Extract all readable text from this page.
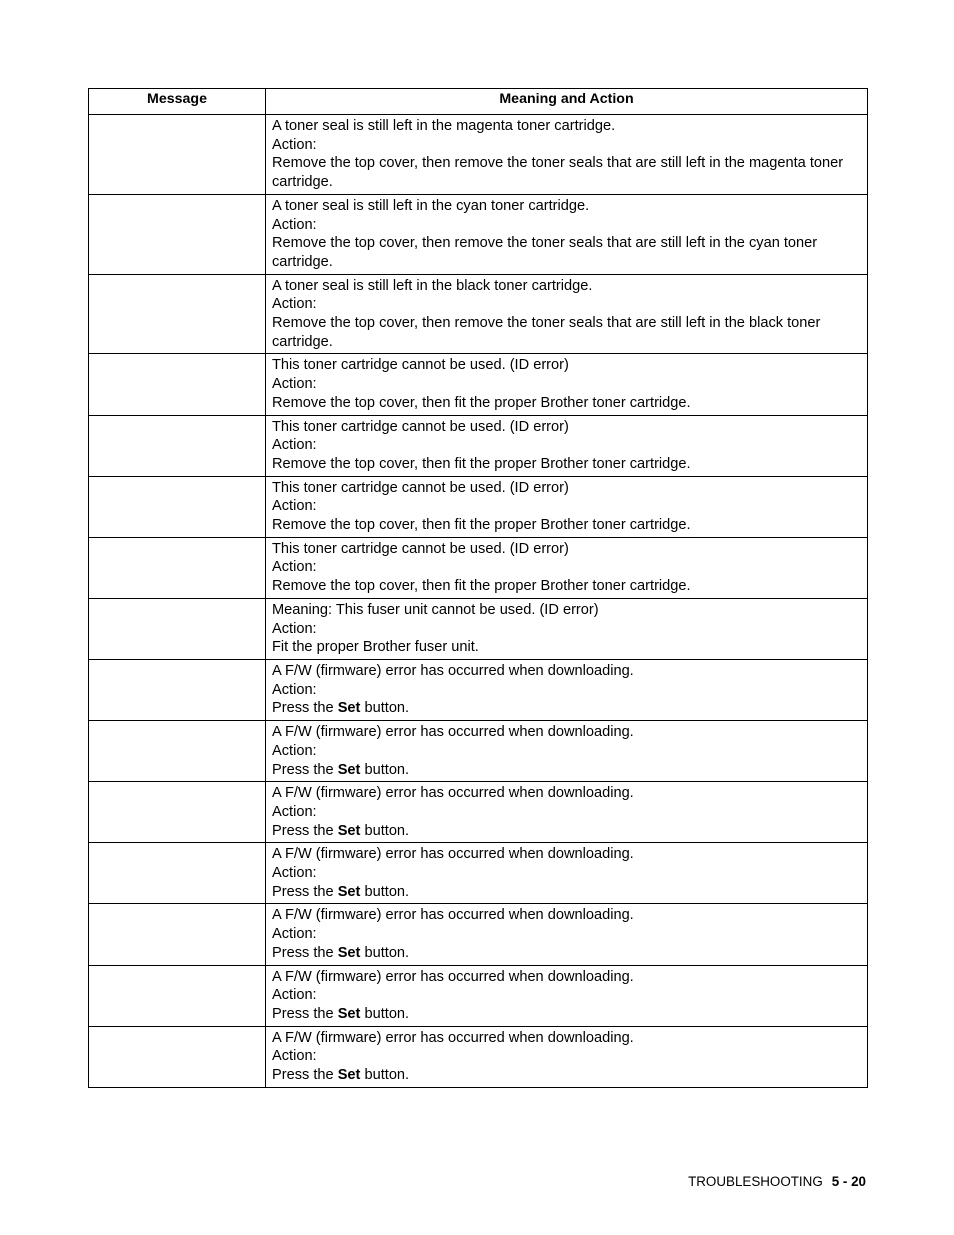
Message	Meaning and Action

	A toner seal is still left in the magenta toner cartridge.
Action:
Remove the top cover, then remove the toner seals that are still left in the magenta toner cartridge.

	A toner seal is still left in the cyan toner cartridge.
Action:
Remove the top cover, then remove the toner seals that are still left in the cyan toner cartridge.

	A toner seal is still left in the black toner cartridge.
Action:
Remove the top cover, then remove the toner seals that are still left in the black toner cartridge.

	This toner cartridge cannot be used. (ID error)
Action:
Remove the top cover, then fit the proper Brother toner cartridge.

	This toner cartridge cannot be used. (ID error)
Action:
Remove the top cover, then fit the proper Brother toner cartridge.

	This toner cartridge cannot be used. (ID error)
Action:
Remove the top cover, then fit the proper Brother toner cartridge.

	This toner cartridge cannot be used. (ID error)
Action:
Remove the top cover, then fit the proper Brother toner cartridge.

	Meaning: This fuser unit cannot be used. (ID error)
Action:
Fit the proper Brother fuser unit.

	A F/W (firmware) error has occurred when downloading.
Action:
Press the Set button.

	A F/W (firmware) error has occurred when downloading.
Action:
Press the Set button.

	A F/W (firmware) error has occurred when downloading.
Action:
Press the Set button.

	A F/W (firmware) error has occurred when downloading.
Action:
Press the Set button.

	A F/W (firmware) error has occurred when downloading.
Action:
Press the Set button.

	A F/W (firmware) error has occurred when downloading.
Action:
Press the Set button.

	A F/W (firmware) error has occurred when downloading.
Action:
Press the Set button.
TROUBLESHOOTING 5 - 20
